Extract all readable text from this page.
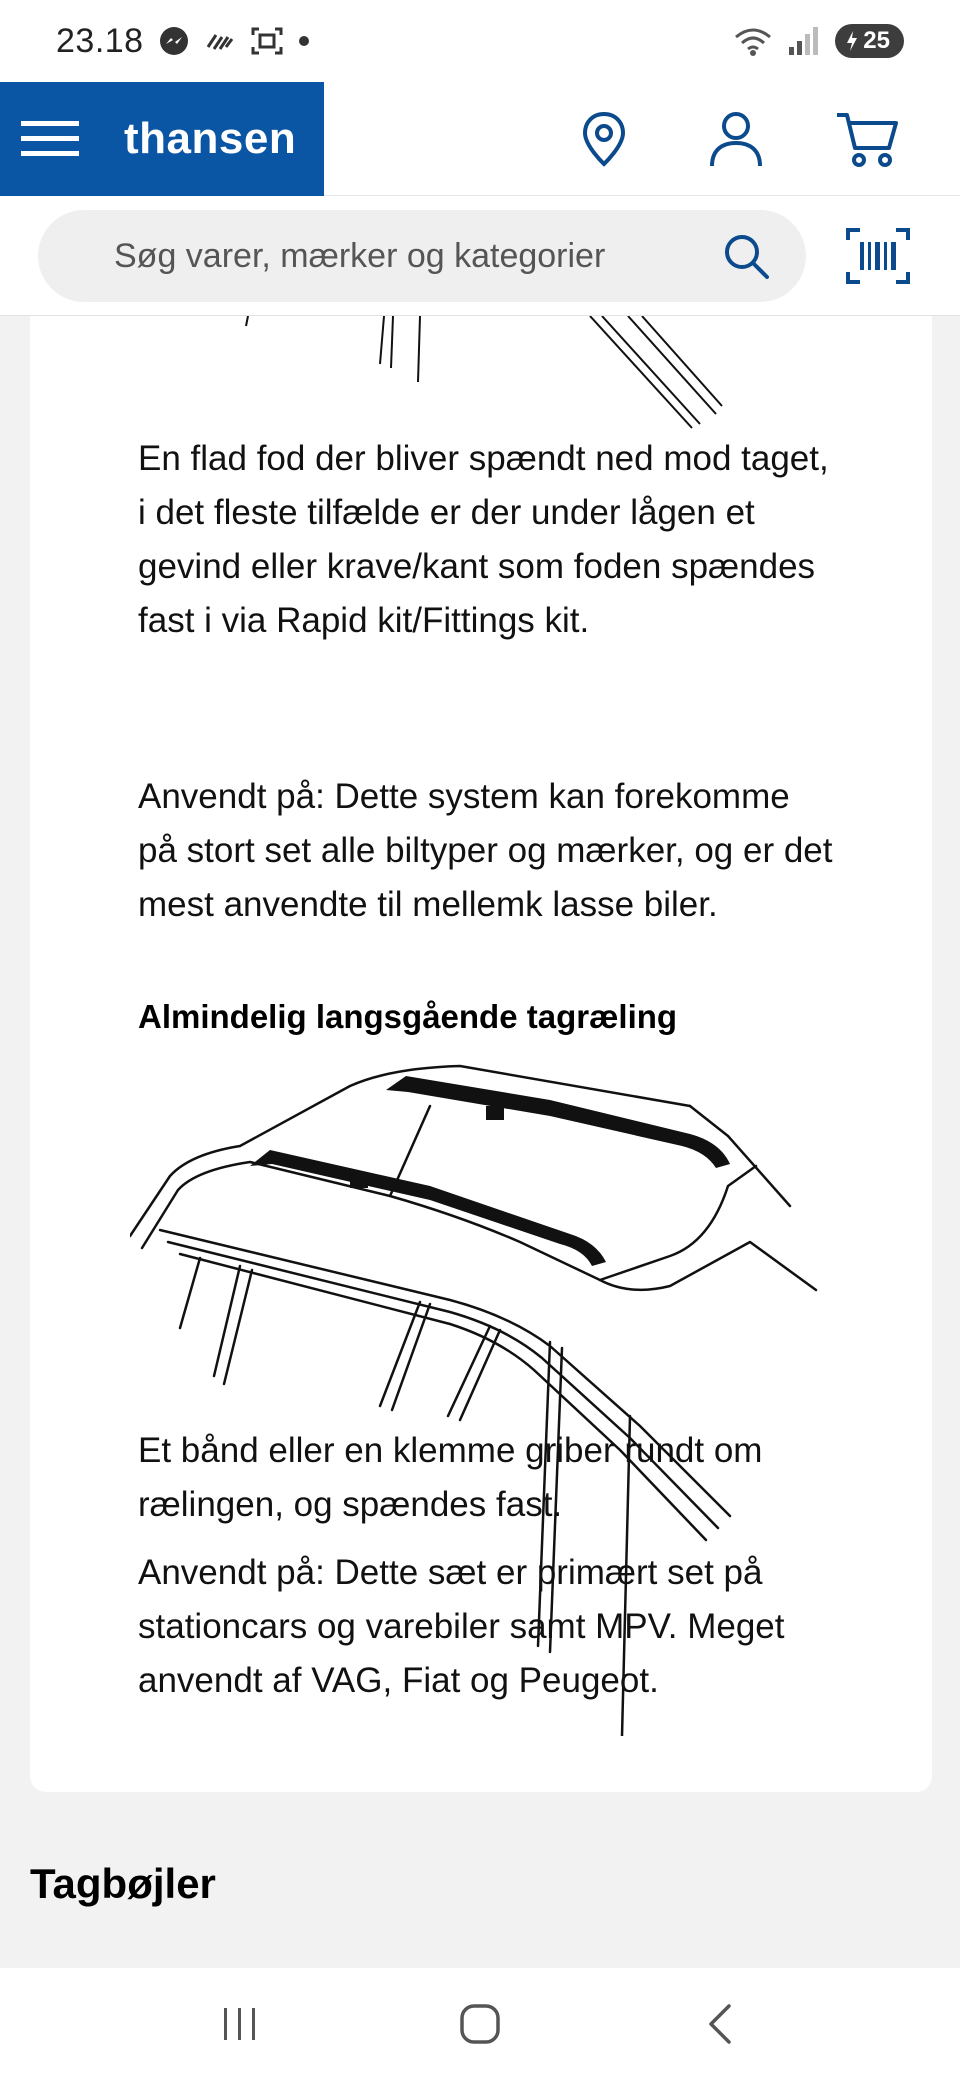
23.18	25
thansen
Søg varer, mærker og kategorier

En flad fod der bliver spændt ned mod taget, i det fleste tilfælde er der under lågen et gevind eller krave/kant som foden spændes fast i via Rapid kit/Fittings kit.

Anvendt på: Dette system kan forekomme på stort set alle biltyper og mærker, og er det mest anvendte til mellemk lasse biler.

Almindelig langsgående tagræling

Et bånd eller en klemme griber rundt om rælingen, og spændes fast.

Anvendt på: Dette sæt er primært set på stationcars og varebiler samt MPV. Meget anvendt af VAG, Fiat og Peugeot.

Tagbøjler
